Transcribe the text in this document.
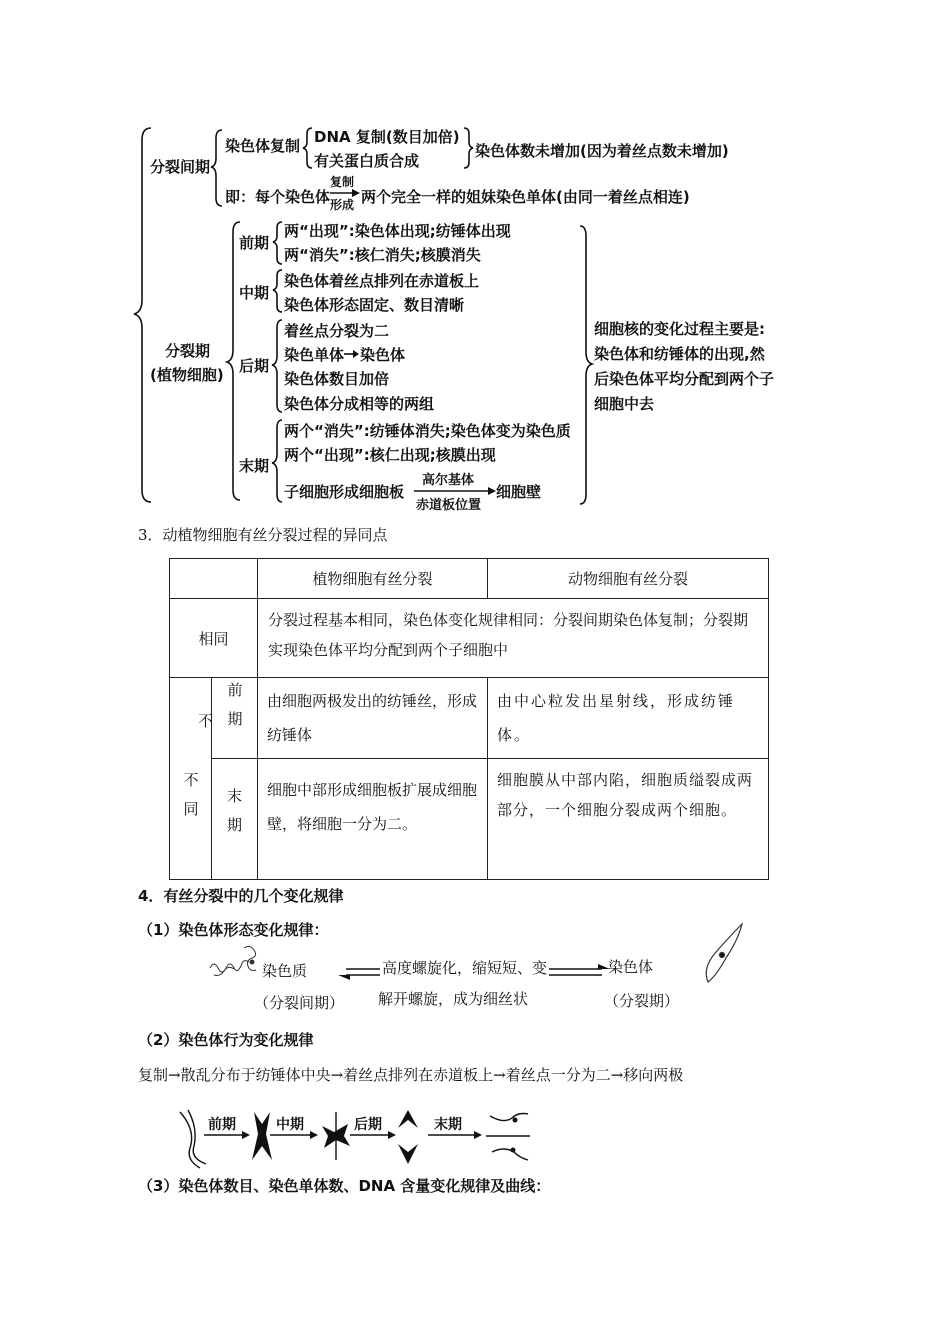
分裂间期
染色体复制 DNA 复制(数目加倍)
有关蛋白质合成
染色体数未增加(因为着丝点数未增加)
即：每个染色体
复制
形成 两个完全一样的姐妹染色单体(由同一着丝点相连)
分裂期
(植物细胞)
前期
两“出现”:染色体出现;纺锤体出现
两“消失”:核仁消失;核膜消失
中期
染色体着丝点排列在赤道板上
染色体形态固定、数目清晰
后期
着丝点分裂为二
染色单体 染色体
染色体数目加倍
染色体分成相等的两组
末期
两个“消失”:纺锤体消失;染色体变为染色质
两个“出现”:核仁出现;核膜出现
子细胞形成细胞板
高尔基体
赤道板位置
细胞壁
细胞核的变化过程主要是:
染色体和纺锤体的出现,然
后染色体平均分配到两个子
细胞中去
3．动植物细胞有丝分裂过程的异同点
		植物细胞有丝分裂	动物细胞有丝分裂
相同		分裂过程基本相同，染色体变化规律相同：分裂间期染色体复制；分裂期实现染色体平均分配到两个子细胞中	

不同	不 前期	由细胞两极发出的纺锤丝，形成纺锤体	由中心粒发出星射线，形成纺锤体。

	末期	细胞中部形成细胞板扩展成细胞壁，将细胞一分为二。	细胞膜从中部内陷，细胞质缢裂成两部分，一个细胞分裂成两个细胞。
4．有丝分裂中的几个变化规律
（1）染色体形态变化规律：
染色质
（分裂间期）
高度螺旋化，缩短短、变
解开螺旋，成为细丝状
染色体
（分裂期）
（2）染色体行为变化规律
复制→散乱分布于纺锤体中央→着丝点排列在赤道板上→着丝点一分为二→移向两极
前期	中期	后期	末期
（3）染色体数目、染色单体数、DNA 含量变化规律及曲线：
